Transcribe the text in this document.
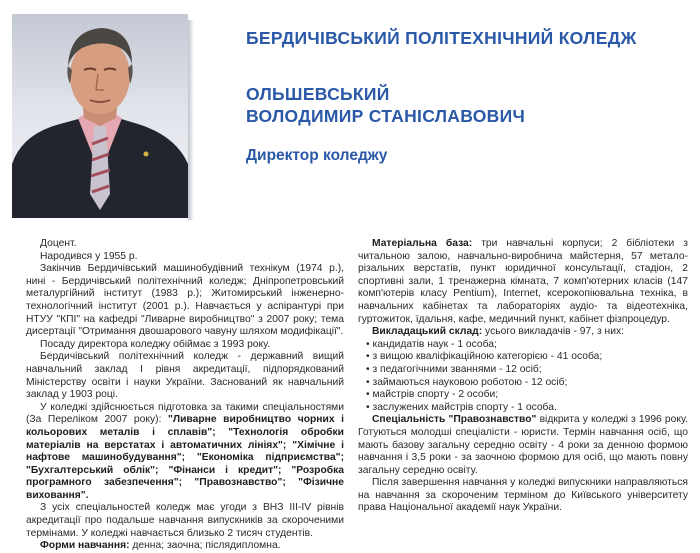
БЕРДИЧІВСЬКИЙ ПОЛІТЕХНІЧНИЙ КОЛЕДЖ

ОЛЬШЕВСЬКИЙ
ВОЛОДИМИР СТАНІСЛАВОВИЧ

Директор коледжу

Доцент.

Народився у 1955 р.

Закінчив Бердичівський машинобудівний технікум (1974 р.), нині - Бердичівський політехнічний коледж; Дніпропетровський металургійний інститут (1983 р.); Житомирський інженерно-технологічний інститут (2001 р.). Навчається у аспірантурі при НТУУ "КПІ" на кафедрі "Ливарне виробництво" з 2007 року; тема дисертації "Отримання двошарового чавуну шляхом модифікації".

Посаду директора коледжу обіймає з 1993 року.

Бердичівський політехнічний коледж - державний вищий навчальний заклад І рівня акредитації, підпорядкований Міністерству освіти і науки України. Заснований як навчальний заклад у 1903 році.

У коледжі здійснюється підготовка за такими спеціальностями (За Переліком 2007 року): "Ливарне виробництво чорних і кольорових металів і сплавів"; "Технологія обробки матеріалів на верстатах і автоматичних лініях"; "Хімічне і нафтове машинобудування"; "Економіка підприємства"; "Бухгалтерський облік"; "Фінанси і кредит"; "Розробка програмного забезпечення"; "Правознавство"; "Фізичне виховання".

З усіх спеціальностей коледж має угоди з ВНЗ ІІІ-ІV рівнів акредитації про подальше навчання випускників за скороченими термінами. У коледжі навчається близько 2 тисяч студентів.

Форми навчання: денна; заочна; післядипломна.

Матеріальна база: три навчальні корпуси; 2 бібліотеки з читальною залою, навчально-виробнича майстерня, 57 метало-різальних верстатів, пункт юридичної консультації, стадіон, 2 спортивні зали, 1 тренажерна кімната, 7 комп'ютерних класів (147 комп'ютерів класу Pentium), Internet, ксерокопіювальна техніка, в навчальних кабінетах та лабораторіях аудіо- та відеотехніка, гуртожиток, їдальня, кафе, медичний пункт, кабінет фізпроцедур.

Викладацький склад: усього викладачів - 97, з них:

• кандидатів наук - 1 особа;
• з вищою кваліфікаційною категорією - 41 особа;
• з педагогічними званнями - 12 осіб;
• займаються науковою роботою - 12 осіб;
• майстрів спорту - 2 особи;
• заслужених майстрів спорту - 1 особа.

Спеціальність "Правознавство" відкрита у коледжі з 1996 року. Готуються молодші спеціалісти - юристи. Термін навчання осіб, що мають базову загальну середню освіту - 4 роки за денною формою навчання і 3,5 роки - за заочною формою для осіб, що мають повну загальну середню освіту.

Після завершення навчання у коледжі випускники направляються на навчання за скороченим терміном до Київського університету права Національної академії наук України.
